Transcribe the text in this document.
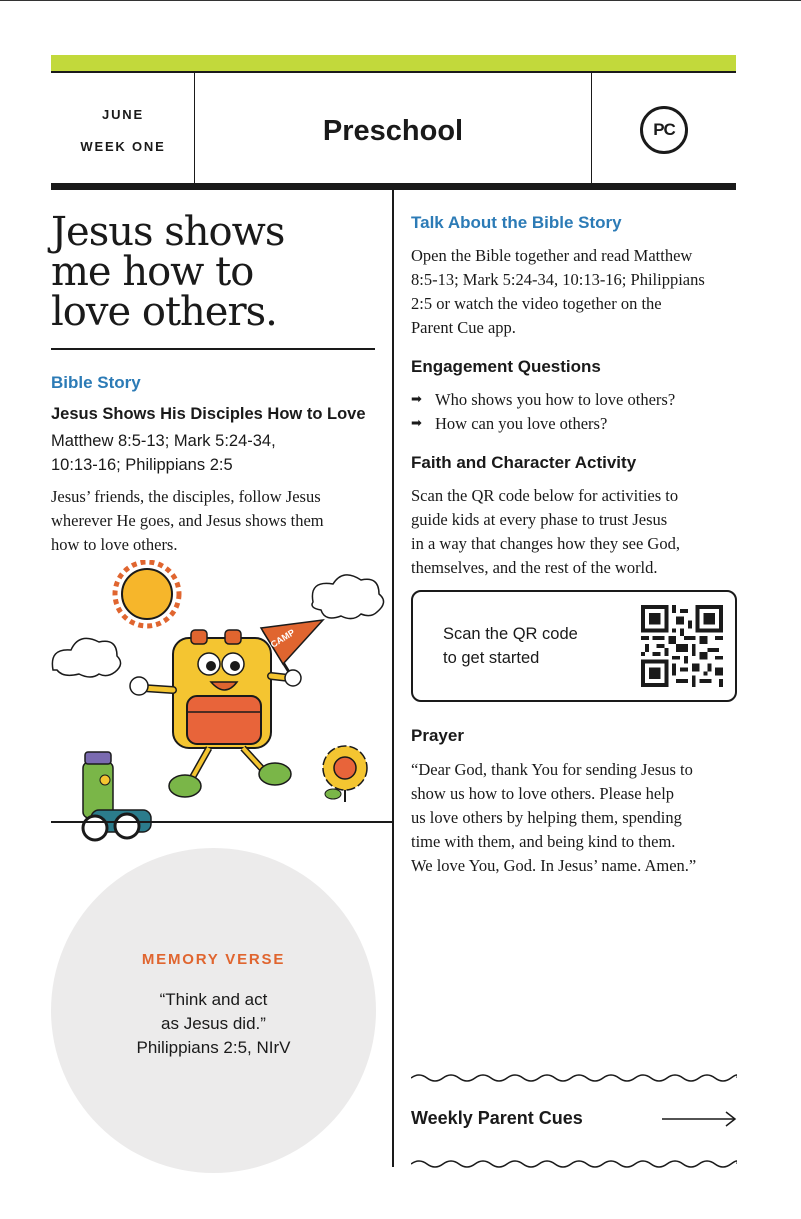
JUNE
WEEK ONE	Preschool	PC
Jesus shows
me how to
love others.
Bible Story
Jesus Shows His Disciples How to Love
Matthew 8:5-13; Mark 5:24-34,
10:13-16; Philippians 2:5
Jesus’ friends, the disciples, follow Jesus
wherever He goes, and Jesus shows them
how to love others.
CAMP
MEMORY VERSE
“Think and act
as Jesus did.”
Philippians 2:5, NIrV
Talk About the Bible Story
Open the Bible together and read Matthew
8:5-13; Mark 5:24-34, 10:13-16; Philippians
2:5 or watch the video together on the
Parent Cue app.
Engagement Questions
➡ Who shows you how to love others?
➡ How can you love others?
Faith and Character Activity
Scan the QR code below for activities to
guide kids at every phase to trust Jesus
in a way that changes how they see God,
themselves, and the rest of the world.
Scan the QR code
to get started
Prayer
“Dear God, thank You for sending Jesus to
show us how to love others. Please help
us love others by helping them, spending
time with them, and being kind to them.
We love You, God. In Jesus’ name. Amen.”
Weekly Parent Cues
